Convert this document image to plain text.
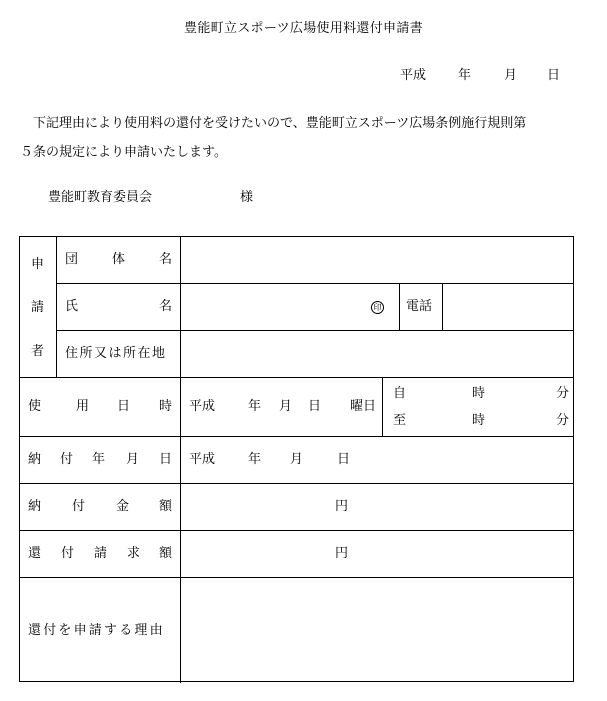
豊能町立スポーツ広場使用料還付申請書
平成 年	月 日
下記理由により使用料の還付を受けたいので、豊能町立スポーツ広場条例施行規則第
５条の規定により申請いたします。
豊能町教育委員会	様
申
請
者
団	体	名
氏	名	印 電話
住所又は所在地
使	用 日 時 平成	年 月 日 曜日
自	時	分
至	時	分
納 付 年 月 日 平成	年 月	日
納 付 金 額	円
還 付 請 求 額	円
還付を申請する理由
